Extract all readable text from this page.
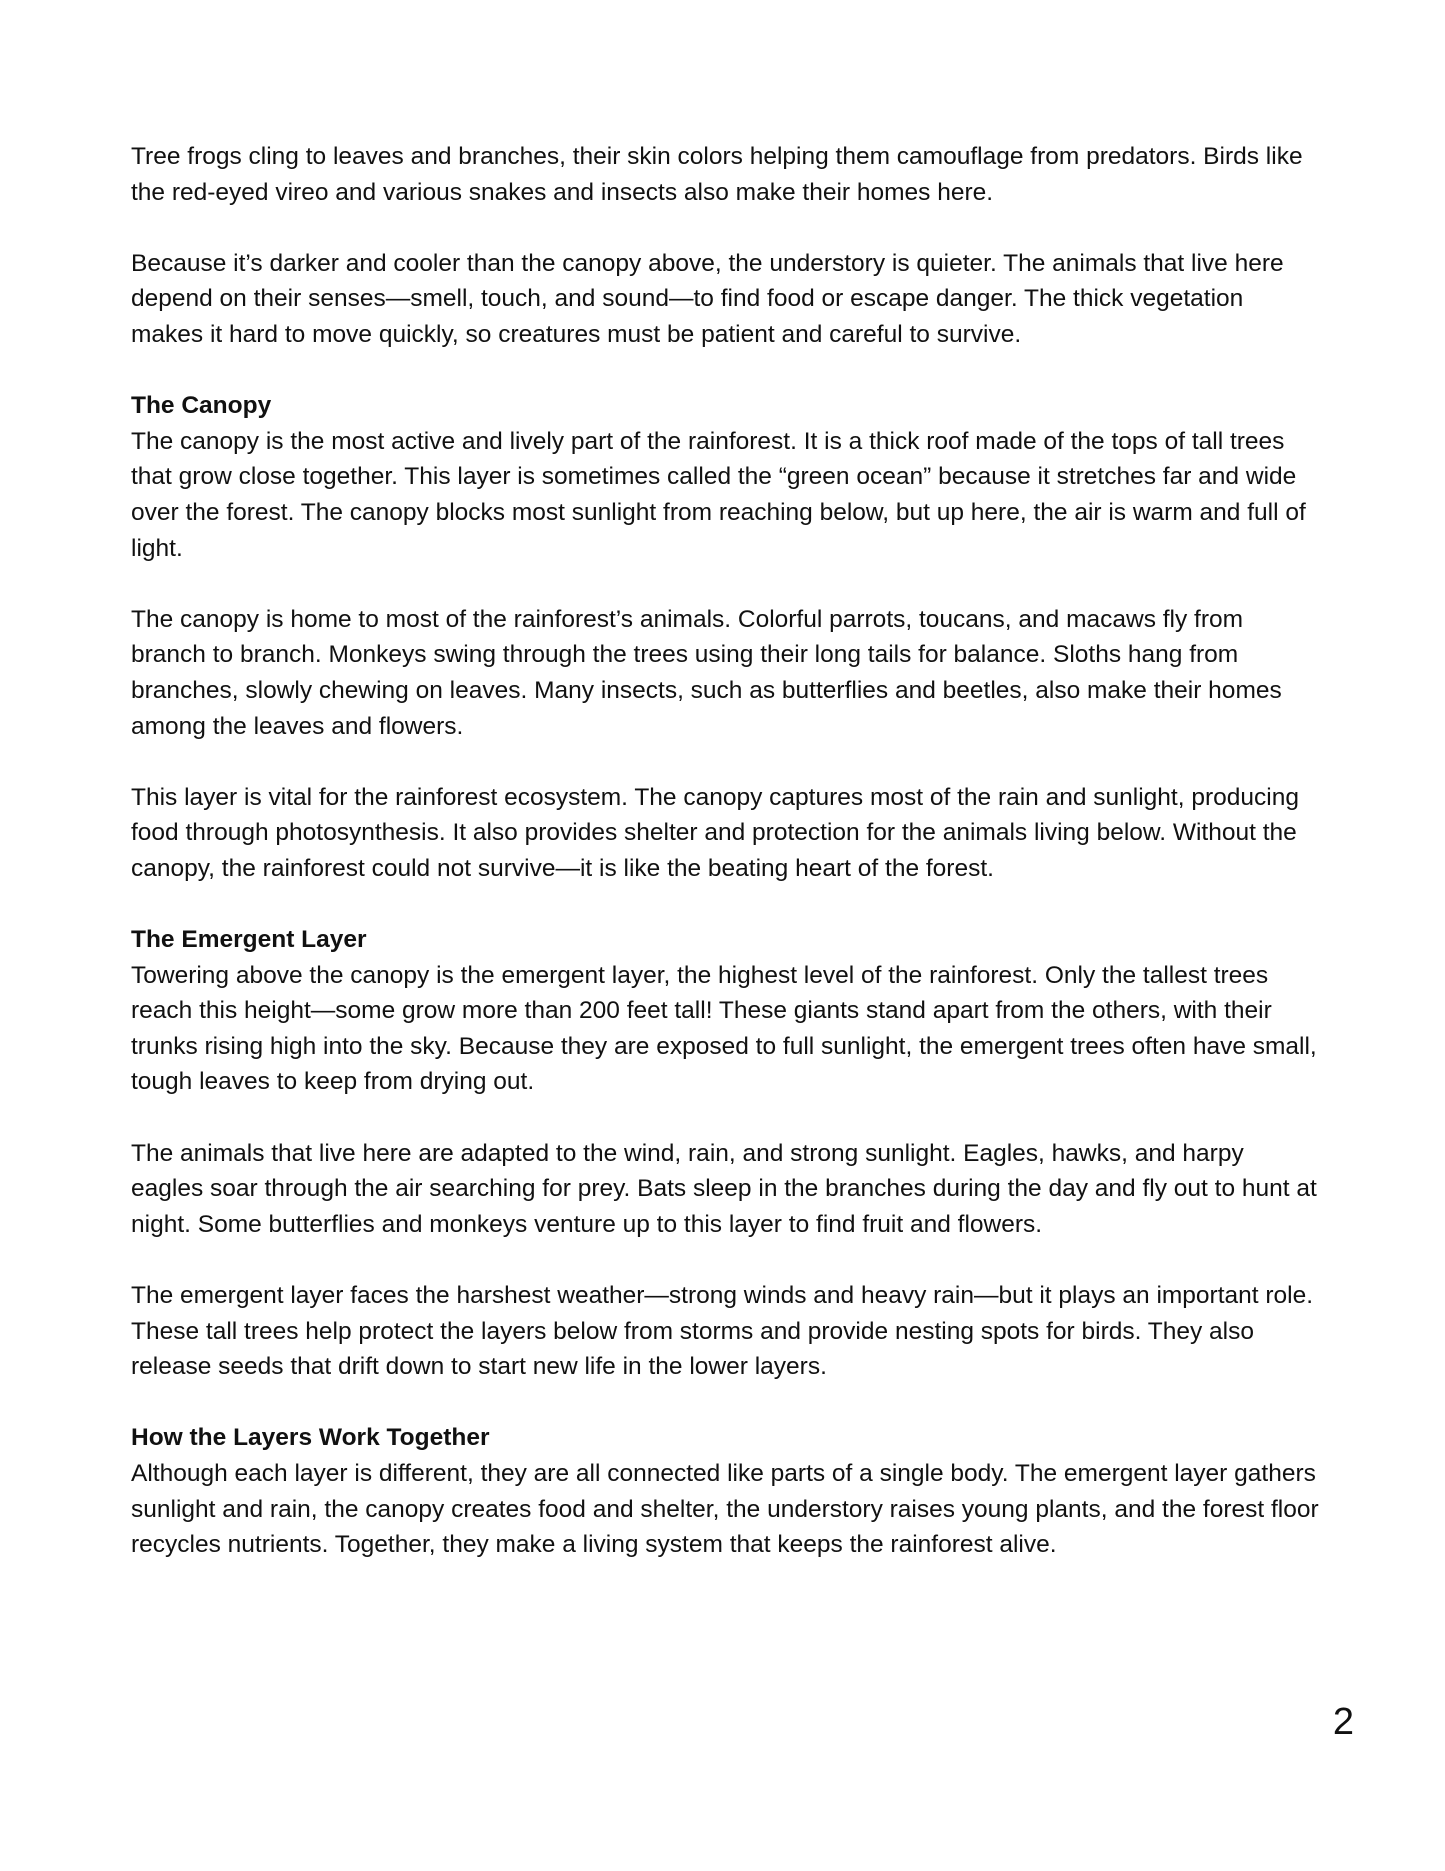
Tree frogs cling to leaves and branches, their skin colors helping them camouflage from predators. Birds like the red-eyed vireo and various snakes and insects also make their homes here.

Because it’s darker and cooler than the canopy above, the understory is quieter. The animals that live here depend on their senses—smell, touch, and sound—to find food or escape danger. The thick vegetation makes it hard to move quickly, so creatures must be patient and careful to survive.

The Canopy

The canopy is the most active and lively part of the rainforest. It is a thick roof made of the tops of tall trees that grow close together. This layer is sometimes called the “green ocean” because it stretches far and wide over the forest. The canopy blocks most sunlight from reaching below, but up here, the air is warm and full of light.

The canopy is home to most of the rainforest’s animals. Colorful parrots, toucans, and macaws fly from branch to branch. Monkeys swing through the trees using their long tails for balance. Sloths hang from branches, slowly chewing on leaves. Many insects, such as butterflies and beetles, also make their homes among the leaves and flowers.

This layer is vital for the rainforest ecosystem. The canopy captures most of the rain and sunlight, producing food through photosynthesis. It also provides shelter and protection for the animals living below. Without the canopy, the rainforest could not survive—it is like the beating heart of the forest.

The Emergent Layer

Towering above the canopy is the emergent layer, the highest level of the rainforest. Only the tallest trees reach this height—some grow more than 200 feet tall! These giants stand apart from the others, with their trunks rising high into the sky. Because they are exposed to full sunlight, the emergent trees often have small, tough leaves to keep from drying out.

The animals that live here are adapted to the wind, rain, and strong sunlight. Eagles, hawks, and harpy eagles soar through the air searching for prey. Bats sleep in the branches during the day and fly out to hunt at night. Some butterflies and monkeys venture up to this layer to find fruit and flowers.

The emergent layer faces the harshest weather—strong winds and heavy rain—but it plays an important role. These tall trees help protect the layers below from storms and provide nesting spots for birds. They also release seeds that drift down to start new life in the lower layers.

How the Layers Work Together

Although each layer is different, they are all connected like parts of a single body. The emergent layer gathers sunlight and rain, the canopy creates food and shelter, the understory raises young plants, and the forest floor recycles nutrients. Together, they make a living system that keeps the rainforest alive.

2
